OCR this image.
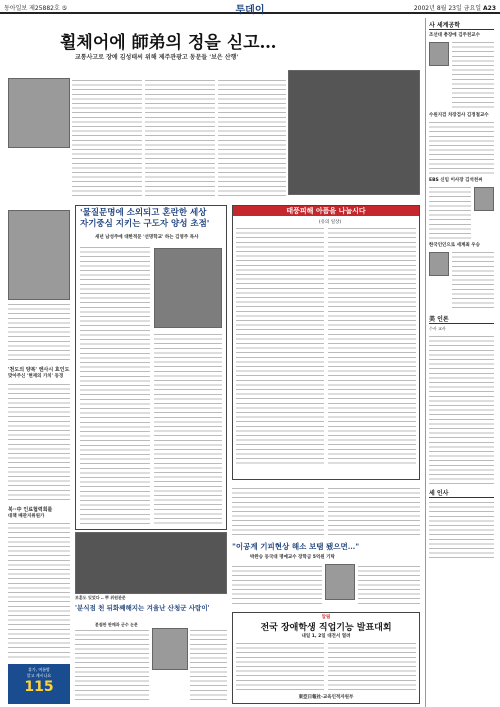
동아일보 제25882호 ⑤	투데이	2002년 8월 23일 금요일 A23
휠체어에 師弟의 정을 싣고…
교통사고로 장애 김성태씨 위해 제주관광고 동문들 '보은 산행'
사 세계공학
조선대 총장에 김주천교수
수원지검 차장검사 김정철교수
EBS 신임 이사장 김석천씨
한국인인으로 세계최 우승
美 인론
수사 교사
세 인사
'천도의 양복' 엔사시 효인도
맞아주신 '현재의 가치' 동경
북··中 인료협력회를
대책 배관지위원가
휴가, 여름밤
알고 계시나요
115
'물질문명에 소외되고 혼란한 세상
자기중심 지키는 구도자 양성 초점'
새년 남성주에 대한적문 '선명학교' 하는 김영주 목사
태풍피해 아픔을 나눕시다
(유의 일상)
보훈도 잊었다 ‥ 뿌 위원관문
'분식점 천 뒤화째해지는 겨울난 산청군 사람이'
분점판 판매과 군수 논문
"이공계 기피현상 해소 보탬 됐으면…"
박완승 동국대 명예교수 장학금 5억원 기탁
알림
전국 장애학생 직업기능 발표대회
내일 1, 2일 대전서 열려
東亞日報社·교육인적자원부
